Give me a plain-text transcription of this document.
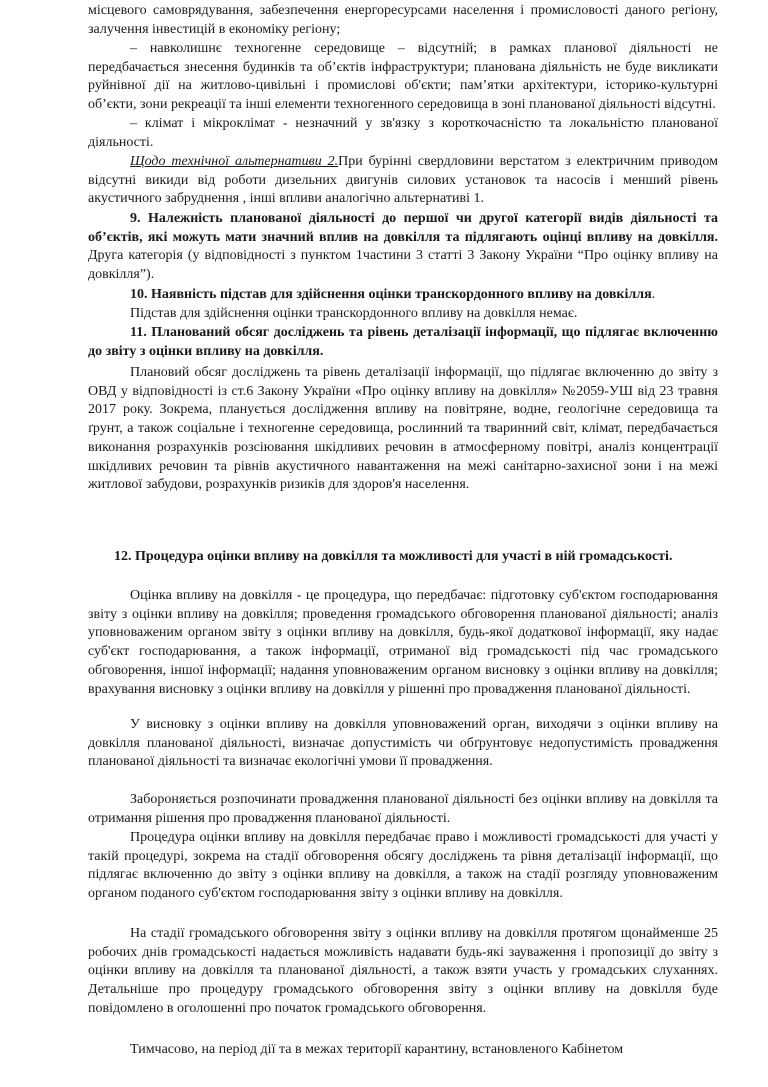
місцевого самоврядування, забезпечення енергоресурсами населення і промисловості даного регіону, залучення інвестицій в економіку регіону;

– навколишнє техногенне середовище – відсутній; в рамках планової діяльності не передбачається знесення будинків та об’єктів інфраструктури; планована діяльність не буде викликати руйнівної дії на житлово-цивільні і промислові об'єкти; пам’ятки архітектури, історико-культурні об’єкти, зони рекреації та інші елементи техногенного середовища в зоні планованої діяльності відсутні.

– клімат і мікроклімат - незначний у зв'язку з короткочасністю та локальністю планованої діяльності.

Щодо технічної альтернативи 2.При бурінні свердловини верстатом з електричним приводом відсутні викиди від роботи дизельних двигунів силових установок та насосів і менший рівень акустичного забруднення , інші впливи аналогічно альтернативі 1.

9. Належність планованої діяльності до першої чи другої категорії видів діяльності та об’єктів, які можуть мати значний вплив на довкілля та підлягають оцінці впливу на довкілля. Друга категорія (у відповідності з пунктом 1частини 3 статті 3 Закону України “Про оцінку впливу на довкілля”).

10. Наявність підстав для здійснення оцінки транскордонного впливу на довкілля.

Підстав для здійснення оцінки транскордонного впливу на довкілля немає.

11. Планований обсяг досліджень та рівень деталізації інформації, що підлягає включенню до звіту з оцінки впливу на довкілля.

Плановий обсяг досліджень та рівень деталізації інформації, що підлягає включенню до звіту з ОВД у відповідності із ст.6 Закону України «Про оцінку впливу на довкілля» №2059-УШ від 23 травня 2017 року. Зокрема, планується дослідження впливу на повітряне, водне, геологічне середовища та ґрунт, а також соціальне і техногенне середовища, рослинний та тваринний світ, клімат, передбачається виконання розрахунків розсіювання шкідливих речовин в атмосферному повітрі, аналіз концентрації шкідливих речовин та рівнів акустичного навантаження на межі санітарно-захисної зони і на межі житлової забудови, розрахунків ризиків для здоров'я населення.

12. Процедура оцінки впливу на довкілля та можливості для участі в ній громадськості.

Оцінка впливу на довкілля - це процедура, що передбачає: підготовку суб'єктом господарювання звіту з оцінки впливу на довкілля; проведення громадського обговорення планованої діяльності; аналіз уповноваженим органом звіту з оцінки впливу на довкілля, будь-якої додаткової інформації, яку надає суб'єкт господарювання, а також інформації, отриманої від громадськості під час громадського обговорення, іншої інформації; надання уповноваженим органом висновку з оцінки впливу на довкілля; врахування висновку з оцінки впливу на довкілля у рішенні про провадження планованої діяльності.

У висновку з оцінки впливу на довкілля уповноважений орган, виходячи з оцінки впливу на довкілля планованої діяльності, визначає допустимість чи обґрунтовує недопустимість провадження планованої діяльності та визначає екологічні умови її провадження.

Забороняється розпочинати провадження планованої діяльності без оцінки впливу на довкілля та отримання рішення про провадження планованої діяльності.

Процедура оцінки впливу на довкілля передбачає право і можливості громадськості для участі у такій процедурі, зокрема на стадії обговорення обсягу досліджень та рівня деталізації інформації, що підлягає включенню до звіту з оцінки впливу на довкілля, а також на стадії розгляду уповноваженим органом поданого суб'єктом господарювання звіту з оцінки впливу на довкілля.

На стадії громадського обговорення звіту з оцінки впливу на довкілля протягом щонайменше 25 робочих днів громадськості надається можливість надавати будь-які зауваження і пропозиції до звіту з оцінки впливу на довкілля та планованої діяльності, а також взяти участь у громадських слуханнях. Детальніше про процедуру громадського обговорення звіту з оцінки впливу на довкілля буде повідомлено в оголошенні про початок громадського обговорення.

Тимчасово, на період дії та в межах території карантину, встановленого Кабінетом
